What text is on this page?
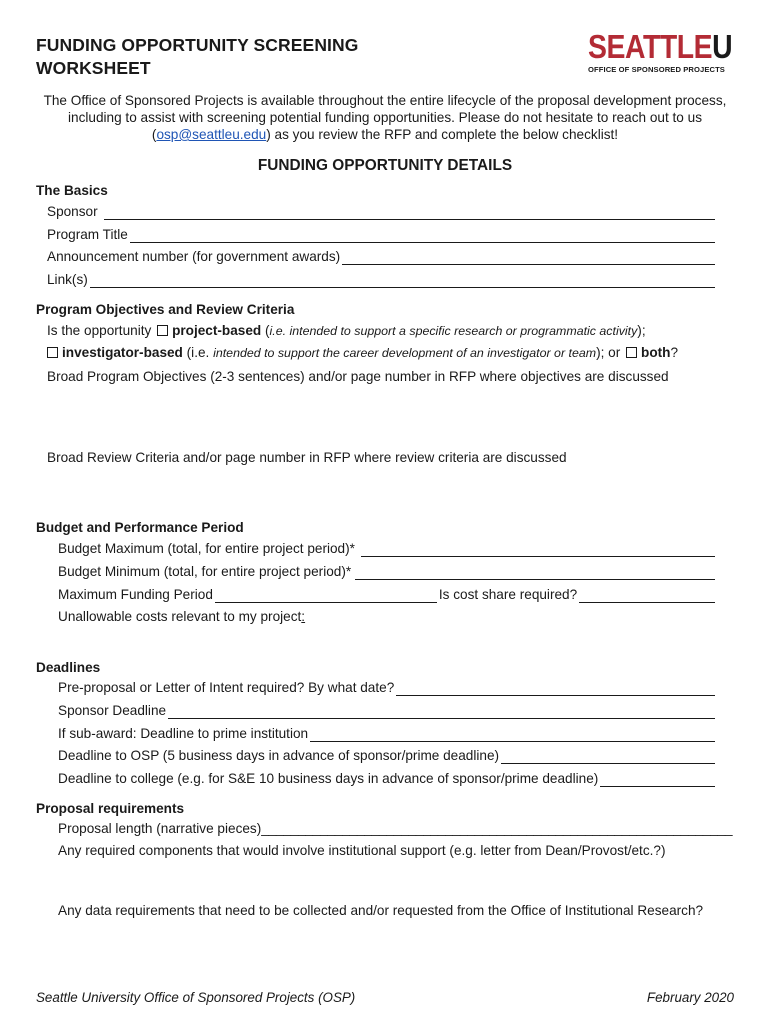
FUNDING OPPORTUNITY SCREENING
WORKSHEET
SEATTLEU
OFFICE OF SPONSORED PROJECTS
The Office of Sponsored Projects is available throughout the entire lifecycle of the proposal development process,
including to assist with screening potential funding opportunities. Please do not hesitate to reach out to us
(osp@seattleu.edu) as you review the RFP and complete the below checklist!
FUNDING OPPORTUNITY DETAILS
The Basics
Sponsor
Program Title
Announcement number (for government awards)
Link(s)
Program Objectives and Review Criteria
Is the opportunity project-based (i.e. intended to support a specific research or programmatic activity);
investigator-based (i.e. intended to support the career development of an investigator or team); or both?
Broad Program Objectives (2-3 sentences) and/or page number in RFP where objectives are discussed
Broad Review Criteria and/or page number in RFP where review criteria are discussed
Budget and Performance Period
Budget Maximum (total, for entire project period)*
Budget Minimum (total, for entire project period)*
Maximum Funding Period	Is cost share required?
Unallowable costs relevant to my project:
Deadlines
Pre-proposal or Letter of Intent required? By what date?
Sponsor Deadline
If sub-award: Deadline to prime institution
Deadline to OSP (5 business days in advance of sponsor/prime deadline)
Deadline to college (e.g. for S&E 10 business days in advance of sponsor/prime deadline)
Proposal requirements
Proposal length (narrative pieces)________________________________________________________________
Any required components that would involve institutional support (e.g. letter from Dean/Provost/etc.?)
Any data requirements that need to be collected and/or requested from the Office of Institutional Research?
Seattle University Office of Sponsored Projects (OSP)	February 2020
